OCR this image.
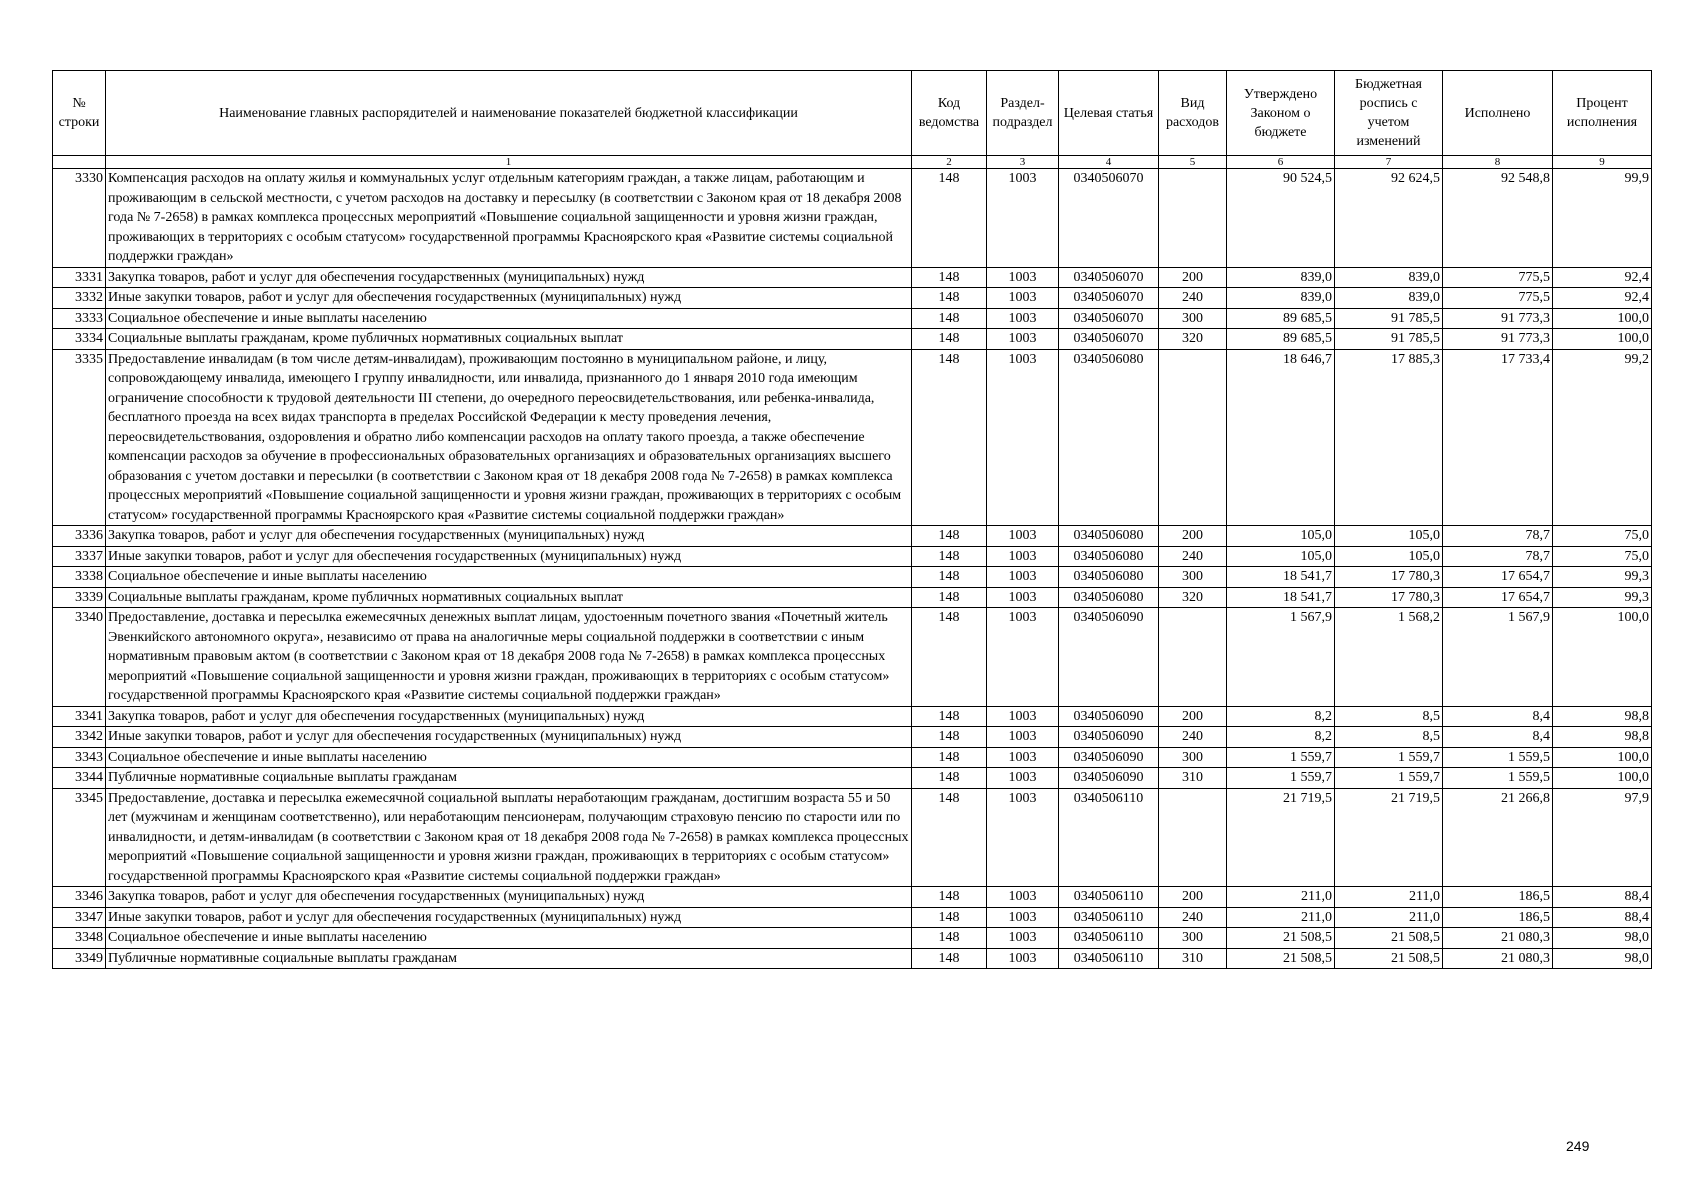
№ строки	Наименование главных распорядителей и наименование показателей бюджетной классификации	Код ведомства	Раздел-подраздел	Целевая статья	Вид расходов	Утверждено Законом о бюджете	Бюджетная роспись с учетом изменений	Исполнено	Процент исполнения
	1	2	3	4	5	6	7	8	9
3330	Компенсация расходов на оплату жилья и коммунальных услуг отдельным категориям граждан, а также лицам, работающим и проживающим в сельской местности, с учетом расходов на доставку и пересылку (в соответствии с Законом края от 18 декабря 2008 года № 7-2658) в рамках комплекса процессных мероприятий «Повышение социальной защищенности и уровня жизни граждан, проживающих в территориях с особым статусом» государственной программы Красноярского края «Развитие системы социальной поддержки граждан»	148	1003	0340506070		90 524,5	92 624,5	92 548,8	99,9
3331	Закупка товаров, работ и услуг для обеспечения государственных (муниципальных) нужд	148	1003	0340506070	200	839,0	839,0	775,5	92,4
3332	Иные закупки товаров, работ и услуг для обеспечения государственных (муниципальных) нужд	148	1003	0340506070	240	839,0	839,0	775,5	92,4
3333	Социальное обеспечение и иные выплаты населению	148	1003	0340506070	300	89 685,5	91 785,5	91 773,3	100,0
3334	Социальные выплаты гражданам, кроме публичных нормативных социальных выплат	148	1003	0340506070	320	89 685,5	91 785,5	91 773,3	100,0
3335	Предоставление инвалидам (в том числе детям-инвалидам), проживающим постоянно в муниципальном районе, и лицу, сопровождающему инвалида, имеющего I группу инвалидности, или инвалида, признанного до 1 января 2010 года имеющим ограничение способности к трудовой деятельности III степени, до очередного переосвидетельствования, или ребенка-инвалида, бесплатного проезда на всех видах транспорта в пределах Российской Федерации к месту проведения лечения, переосвидетельствования, оздоровления и обратно либо компенсации расходов на оплату такого проезда, а также обеспечение компенсации расходов за обучение в профессиональных образовательных организациях и образовательных организациях высшего образования с учетом доставки и пересылки (в соответствии с Законом края от 18 декабря 2008 года № 7-2658) в рамках комплекса процессных мероприятий «Повышение социальной защищенности и уровня жизни граждан, проживающих в территориях с особым статусом» государственной программы Красноярского края «Развитие системы социальной поддержки граждан»	148	1003	0340506080		18 646,7	17 885,3	17 733,4	99,2
3336	Закупка товаров, работ и услуг для обеспечения государственных (муниципальных) нужд	148	1003	0340506080	200	105,0	105,0	78,7	75,0
3337	Иные закупки товаров, работ и услуг для обеспечения государственных (муниципальных) нужд	148	1003	0340506080	240	105,0	105,0	78,7	75,0
3338	Социальное обеспечение и иные выплаты населению	148	1003	0340506080	300	18 541,7	17 780,3	17 654,7	99,3
3339	Социальные выплаты гражданам, кроме публичных нормативных социальных выплат	148	1003	0340506080	320	18 541,7	17 780,3	17 654,7	99,3
3340	Предоставление, доставка и пересылка ежемесячных денежных выплат лицам, удостоенным почетного звания «Почетный житель Эвенкийского автономного округа», независимо от права на аналогичные меры социальной поддержки в соответствии с иным нормативным правовым актом (в соответствии с Законом края от 18 декабря 2008 года № 7-2658) в рамках комплекса процессных мероприятий «Повышение социальной защищенности и уровня жизни граждан, проживающих в территориях с особым статусом» государственной программы Красноярского края «Развитие системы социальной поддержки граждан»	148	1003	0340506090		1 567,9	1 568,2	1 567,9	100,0
3341	Закупка товаров, работ и услуг для обеспечения государственных (муниципальных) нужд	148	1003	0340506090	200	8,2	8,5	8,4	98,8
3342	Иные закупки товаров, работ и услуг для обеспечения государственных (муниципальных) нужд	148	1003	0340506090	240	8,2	8,5	8,4	98,8
3343	Социальное обеспечение и иные выплаты населению	148	1003	0340506090	300	1 559,7	1 559,7	1 559,5	100,0
3344	Публичные нормативные социальные выплаты гражданам	148	1003	0340506090	310	1 559,7	1 559,7	1 559,5	100,0
3345	Предоставление, доставка и пересылка ежемесячной социальной выплаты неработающим гражданам, достигшим возраста 55 и 50 лет (мужчинам и женщинам соответственно), или неработающим пенсионерам, получающим страховую пенсию по старости или по инвалидности, и детям-инвалидам (в соответствии с Законом края от 18 декабря 2008 года № 7-2658) в рамках комплекса процессных мероприятий «Повышение социальной защищенности и уровня жизни граждан, проживающих в территориях с особым статусом» государственной программы Красноярского края «Развитие системы социальной поддержки граждан»	148	1003	0340506110		21 719,5	21 719,5	21 266,8	97,9
3346	Закупка товаров, работ и услуг для обеспечения государственных (муниципальных) нужд	148	1003	0340506110	200	211,0	211,0	186,5	88,4
3347	Иные закупки товаров, работ и услуг для обеспечения государственных (муниципальных) нужд	148	1003	0340506110	240	211,0	211,0	186,5	88,4
3348	Социальное обеспечение и иные выплаты населению	148	1003	0340506110	300	21 508,5	21 508,5	21 080,3	98,0
3349	Публичные нормативные социальные выплаты гражданам	148	1003	0340506110	310	21 508,5	21 508,5	21 080,3	98,0
249
